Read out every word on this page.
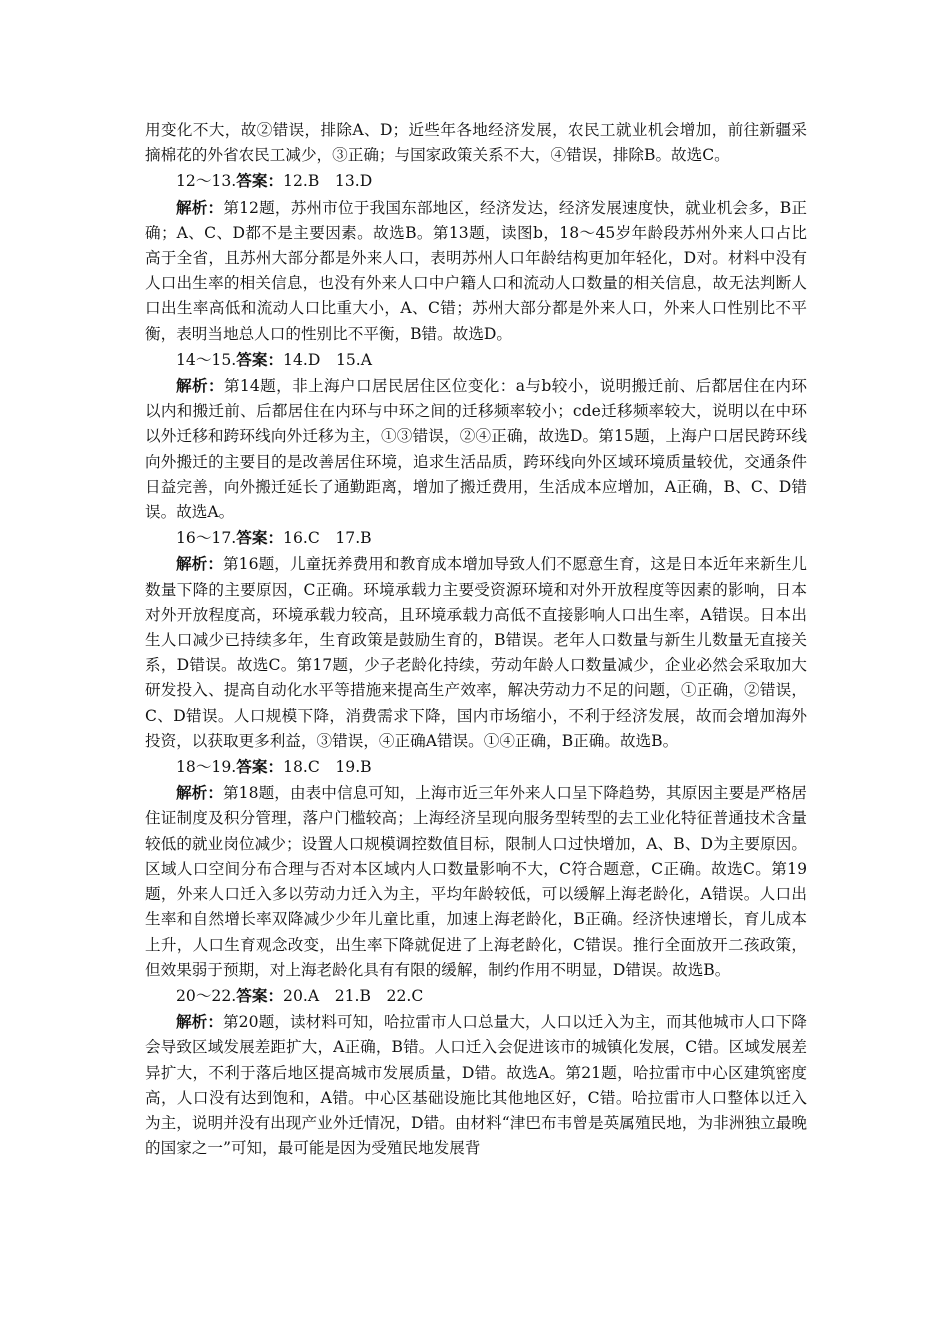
用变化不大，故②错误，排除A、D；近些年各地经济发展，农民工就业机会增加，前往新疆采摘棉花的外省农民工减少，③正确；与国家政策关系不大，④错误，排除B。故选C。

12～13.答案：12.B　13.D

解析：第12题，苏州市位于我国东部地区，经济发达，经济发展速度快，就业机会多，B正确；A、C、D都不是主要因素。故选B。第13题，读图b，18～45岁年龄段苏州外来人口占比高于全省，且苏州大部分都是外来人口，表明苏州人口年龄结构更加年轻化，D对。材料中没有人口出生率的相关信息，也没有外来人口中户籍人口和流动人口数量的相关信息，故无法判断人口出生率高低和流动人口比重大小，A、C错；苏州大部分都是外来人口，外来人口性别比不平衡，表明当地总人口的性别比不平衡，B错。故选D。

14～15.答案：14.D　15.A

解析：第14题，非上海户口居民居住区位变化：a与b较小，说明搬迁前、后都居住在内环以内和搬迁前、后都居住在内环与中环之间的迁移频率较小；cde迁移频率较大，说明以在中环以外迁移和跨环线向外迁移为主，①③错误，②④正确，故选D。第15题，上海户口居民跨环线向外搬迁的主要目的是改善居住环境，追求生活品质，跨环线向外区域环境质量较优，交通条件日益完善，向外搬迁延长了通勤距离，增加了搬迁费用，生活成本应增加，A正确，B、C、D错误。故选A。

16～17.答案：16.C　17.B

解析：第16题，儿童抚养费用和教育成本增加导致人们不愿意生育，这是日本近年来新生儿数量下降的主要原因，C正确。环境承载力主要受资源环境和对外开放程度等因素的影响，日本对外开放程度高，环境承载力较高，且环境承载力高低不直接影响人口出生率，A错误。日本出生人口减少已持续多年，生育政策是鼓励生育的，B错误。老年人口数量与新生儿数量无直接关系，D错误。故选C。第17题，少子老龄化持续，劳动年龄人口数量减少，企业必然会采取加大研发投入、提高自动化水平等措施来提高生产效率，解决劳动力不足的问题，①正确，②错误，C、D错误。人口规模下降，消费需求下降，国内市场缩小，不利于经济发展，故而会增加海外投资，以获取更多利益，③错误，④正确A错误。①④正确，B正确。故选B。

18～19.答案：18.C　19.B

解析：第18题，由表中信息可知，上海市近三年外来人口呈下降趋势，其原因主要是严格居住证制度及积分管理，落户门槛较高；上海经济呈现向服务型转型的去工业化特征普通技术含量较低的就业岗位减少；设置人口规模调控数值目标，限制人口过快增加，A、B、D为主要原因。区域人口空间分布合理与否对本区域内人口数量影响不大，C符合题意，C正确。故选C。第19题，外来人口迁入多以劳动力迁入为主，平均年龄较低，可以缓解上海老龄化，A错误。人口出生率和自然增长率双降减少少年儿童比重，加速上海老龄化，B正确。经济快速增长，育儿成本上升，人口生育观念改变，出生率下降就促进了上海老龄化，C错误。推行全面放开二孩政策，但效果弱于预期，对上海老龄化具有有限的缓解，制约作用不明显，D错误。故选B。

20～22.答案：20.A　21.B　22.C

解析：第20题，读材料可知，哈拉雷市人口总量大，人口以迁入为主，而其他城市人口下降会导致区域发展差距扩大，A正确，B错。人口迁入会促进该市的城镇化发展，C错。区域发展差异扩大，不利于落后地区提高城市发展质量，D错。故选A。第21题，哈拉雷市中心区建筑密度高，人口没有达到饱和，A错。中心区基础设施比其他地区好，C错。哈拉雷市人口整体以迁入为主，说明并没有出现产业外迁情况，D错。由材料“津巴布韦曾是英属殖民地，为非洲独立最晚的国家之一”可知，最可能是因为受殖民地发展背
